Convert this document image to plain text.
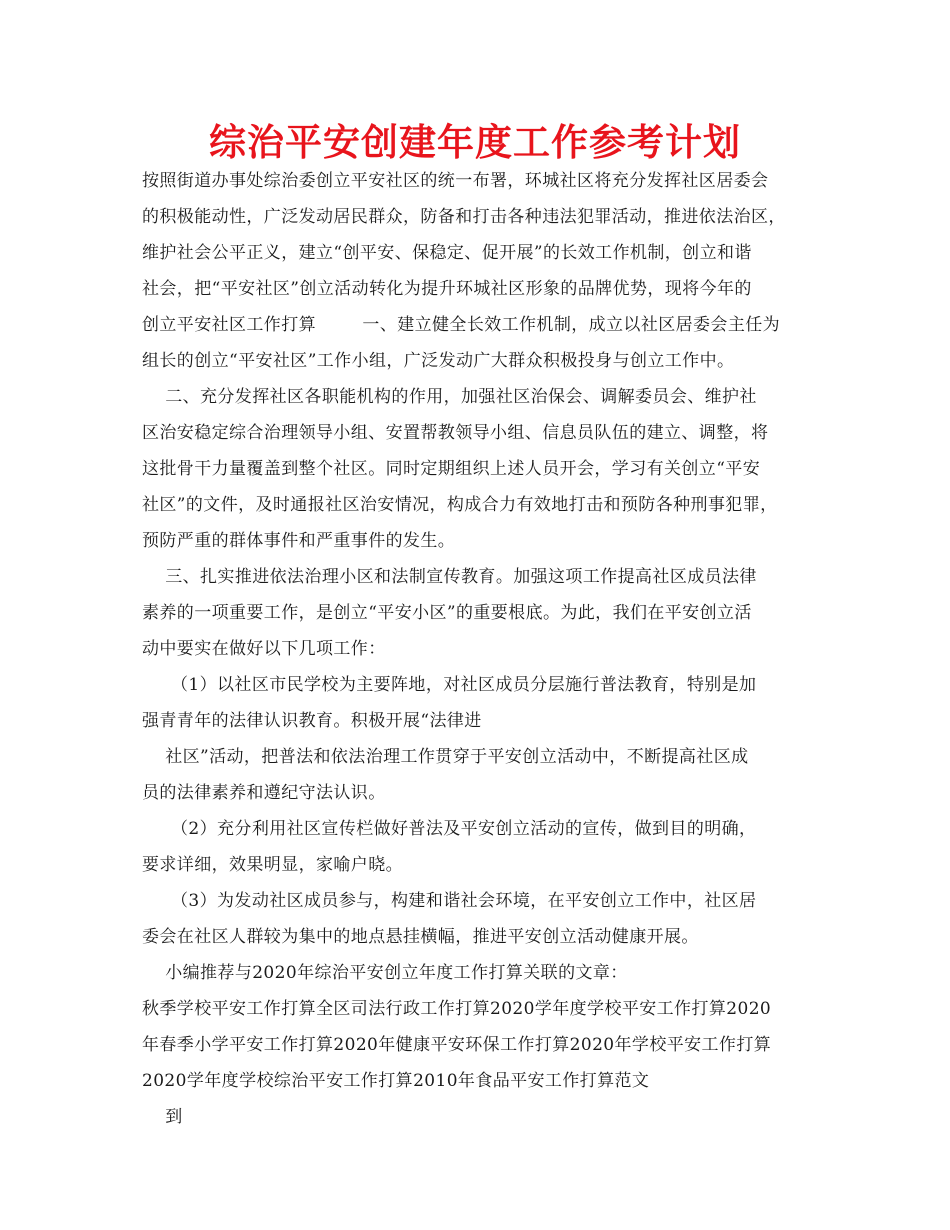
综治平安创建年度工作参考计划

按照街道办事处综治委创立平安社区的统一布署，环城社区将充分发挥社区居委会

的积极能动性，广泛发动居民群众，防备和打击各种违法犯罪活动，推进依法治区，

维护社会公平正义，建立“创平安、保稳定、促开展”的长效工作机制，创立和谐

社会，把“平安社区”创立活动转化为提升环城社区形象的品牌优势，现将今年的

创立平安社区工作打算        一、建立健全长效工作机制，成立以社区居委会主任为

组长的创立“平安社区”工作小组，广泛发动广大群众积极投身与创立工作中。

二、充分发挥社区各职能机构的作用，加强社区治保会、调解委员会、维护社

区治安稳定综合治理领导小组、安置帮教领导小组、信息员队伍的建立、调整，将

这批骨干力量覆盖到整个社区。同时定期组织上述人员开会，学习有关创立“平安

社区”的文件，及时通报社区治安情况，构成合力有效地打击和预防各种刑事犯罪，

预防严重的群体事件和严重事件的发生。

三、扎实推进依法治理小区和法制宣传教育。加强这项工作提高社区成员法律

素养的一项重要工作，是创立“平安小区”的重要根底。为此，我们在平安创立活

动中要实在做好以下几项工作：

（1）以社区市民学校为主要阵地，对社区成员分层施行普法教育，特别是加

强青青年的法律认识教育。积极开展“法律进

社区”活动，把普法和依法治理工作贯穿于平安创立活动中，不断提高社区成

员的法律素养和遵纪守法认识。

（2）充分利用社区宣传栏做好普法及平安创立活动的宣传，做到目的明确，

要求详细，效果明显，家喻户晓。

（3）为发动社区成员参与，构建和谐社会环境，在平安创立工作中，社区居

委会在社区人群较为集中的地点悬挂横幅，推进平安创立活动健康开展。

小编推荐与2020年综治平安创立年度工作打算关联的文章：

秋季学校平安工作打算全区司法行政工作打算2020学年度学校平安工作打算2020

年春季小学平安工作打算2020年健康平安环保工作打算2020年学校平安工作打算

2020学年度学校综治平安工作打算2010年食品平安工作打算范文

到
